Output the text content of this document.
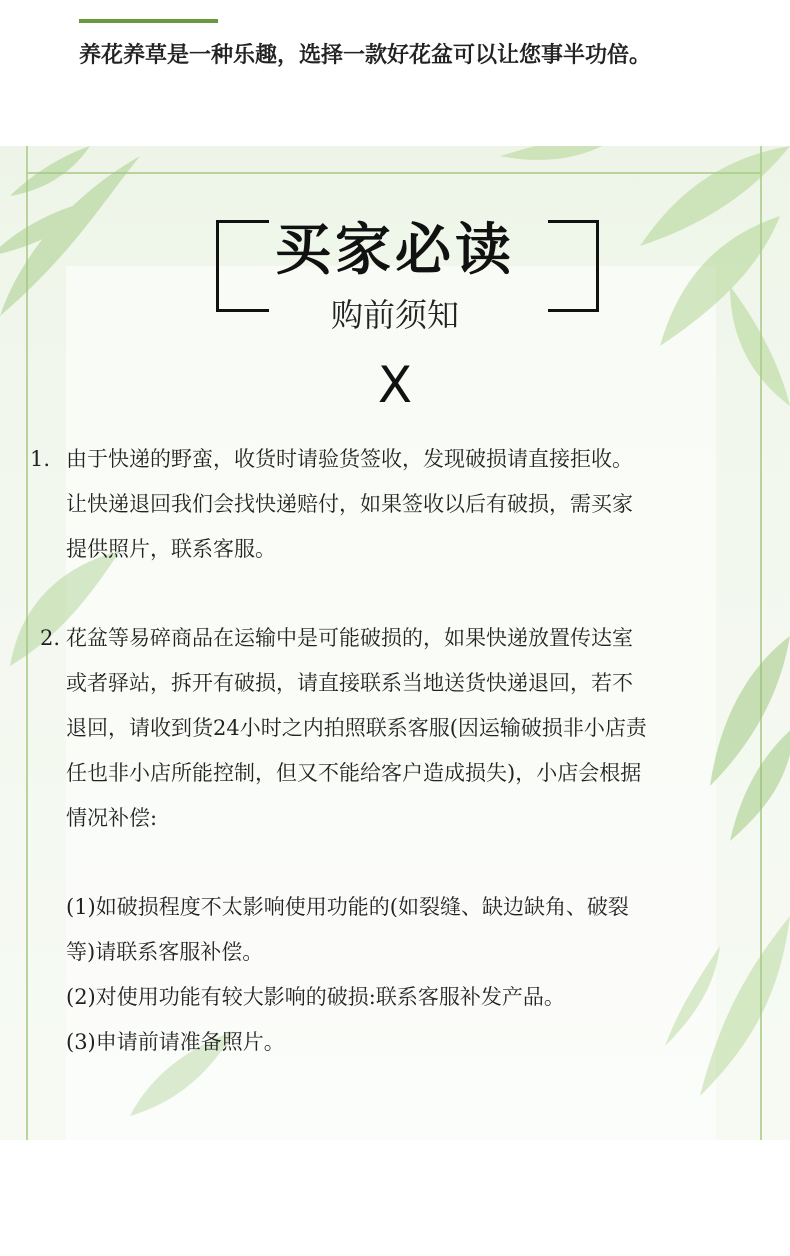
养花养草是一种乐趣，选择一款好花盆可以让您事半功倍。
买家必读
购前须知
X
1. 由于快递的野蛮，收货时请验货签收，发现破损请直接拒收。
让快递退回我们会找快递赔付，如果签收以后有破损，需买家
提供照片，联系客服。
2. 花盆等易碎商品在运输中是可能破损的，如果快递放置传达室
或者驿站，拆开有破损，请直接联系当地送货快递退回，若不
退回，请收到货24小时之内拍照联系客服(因运输破损非小店责
任也非小店所能控制，但又不能给客户造成损失)，小店会根据
情况补偿:
(1)如破损程度不太影响使用功能的(如裂缝、缺边缺角、破裂
等)请联系客服补偿。
(2)对使用功能有较大影响的破损:联系客服补发产品。
(3)申请前请准备照片。
